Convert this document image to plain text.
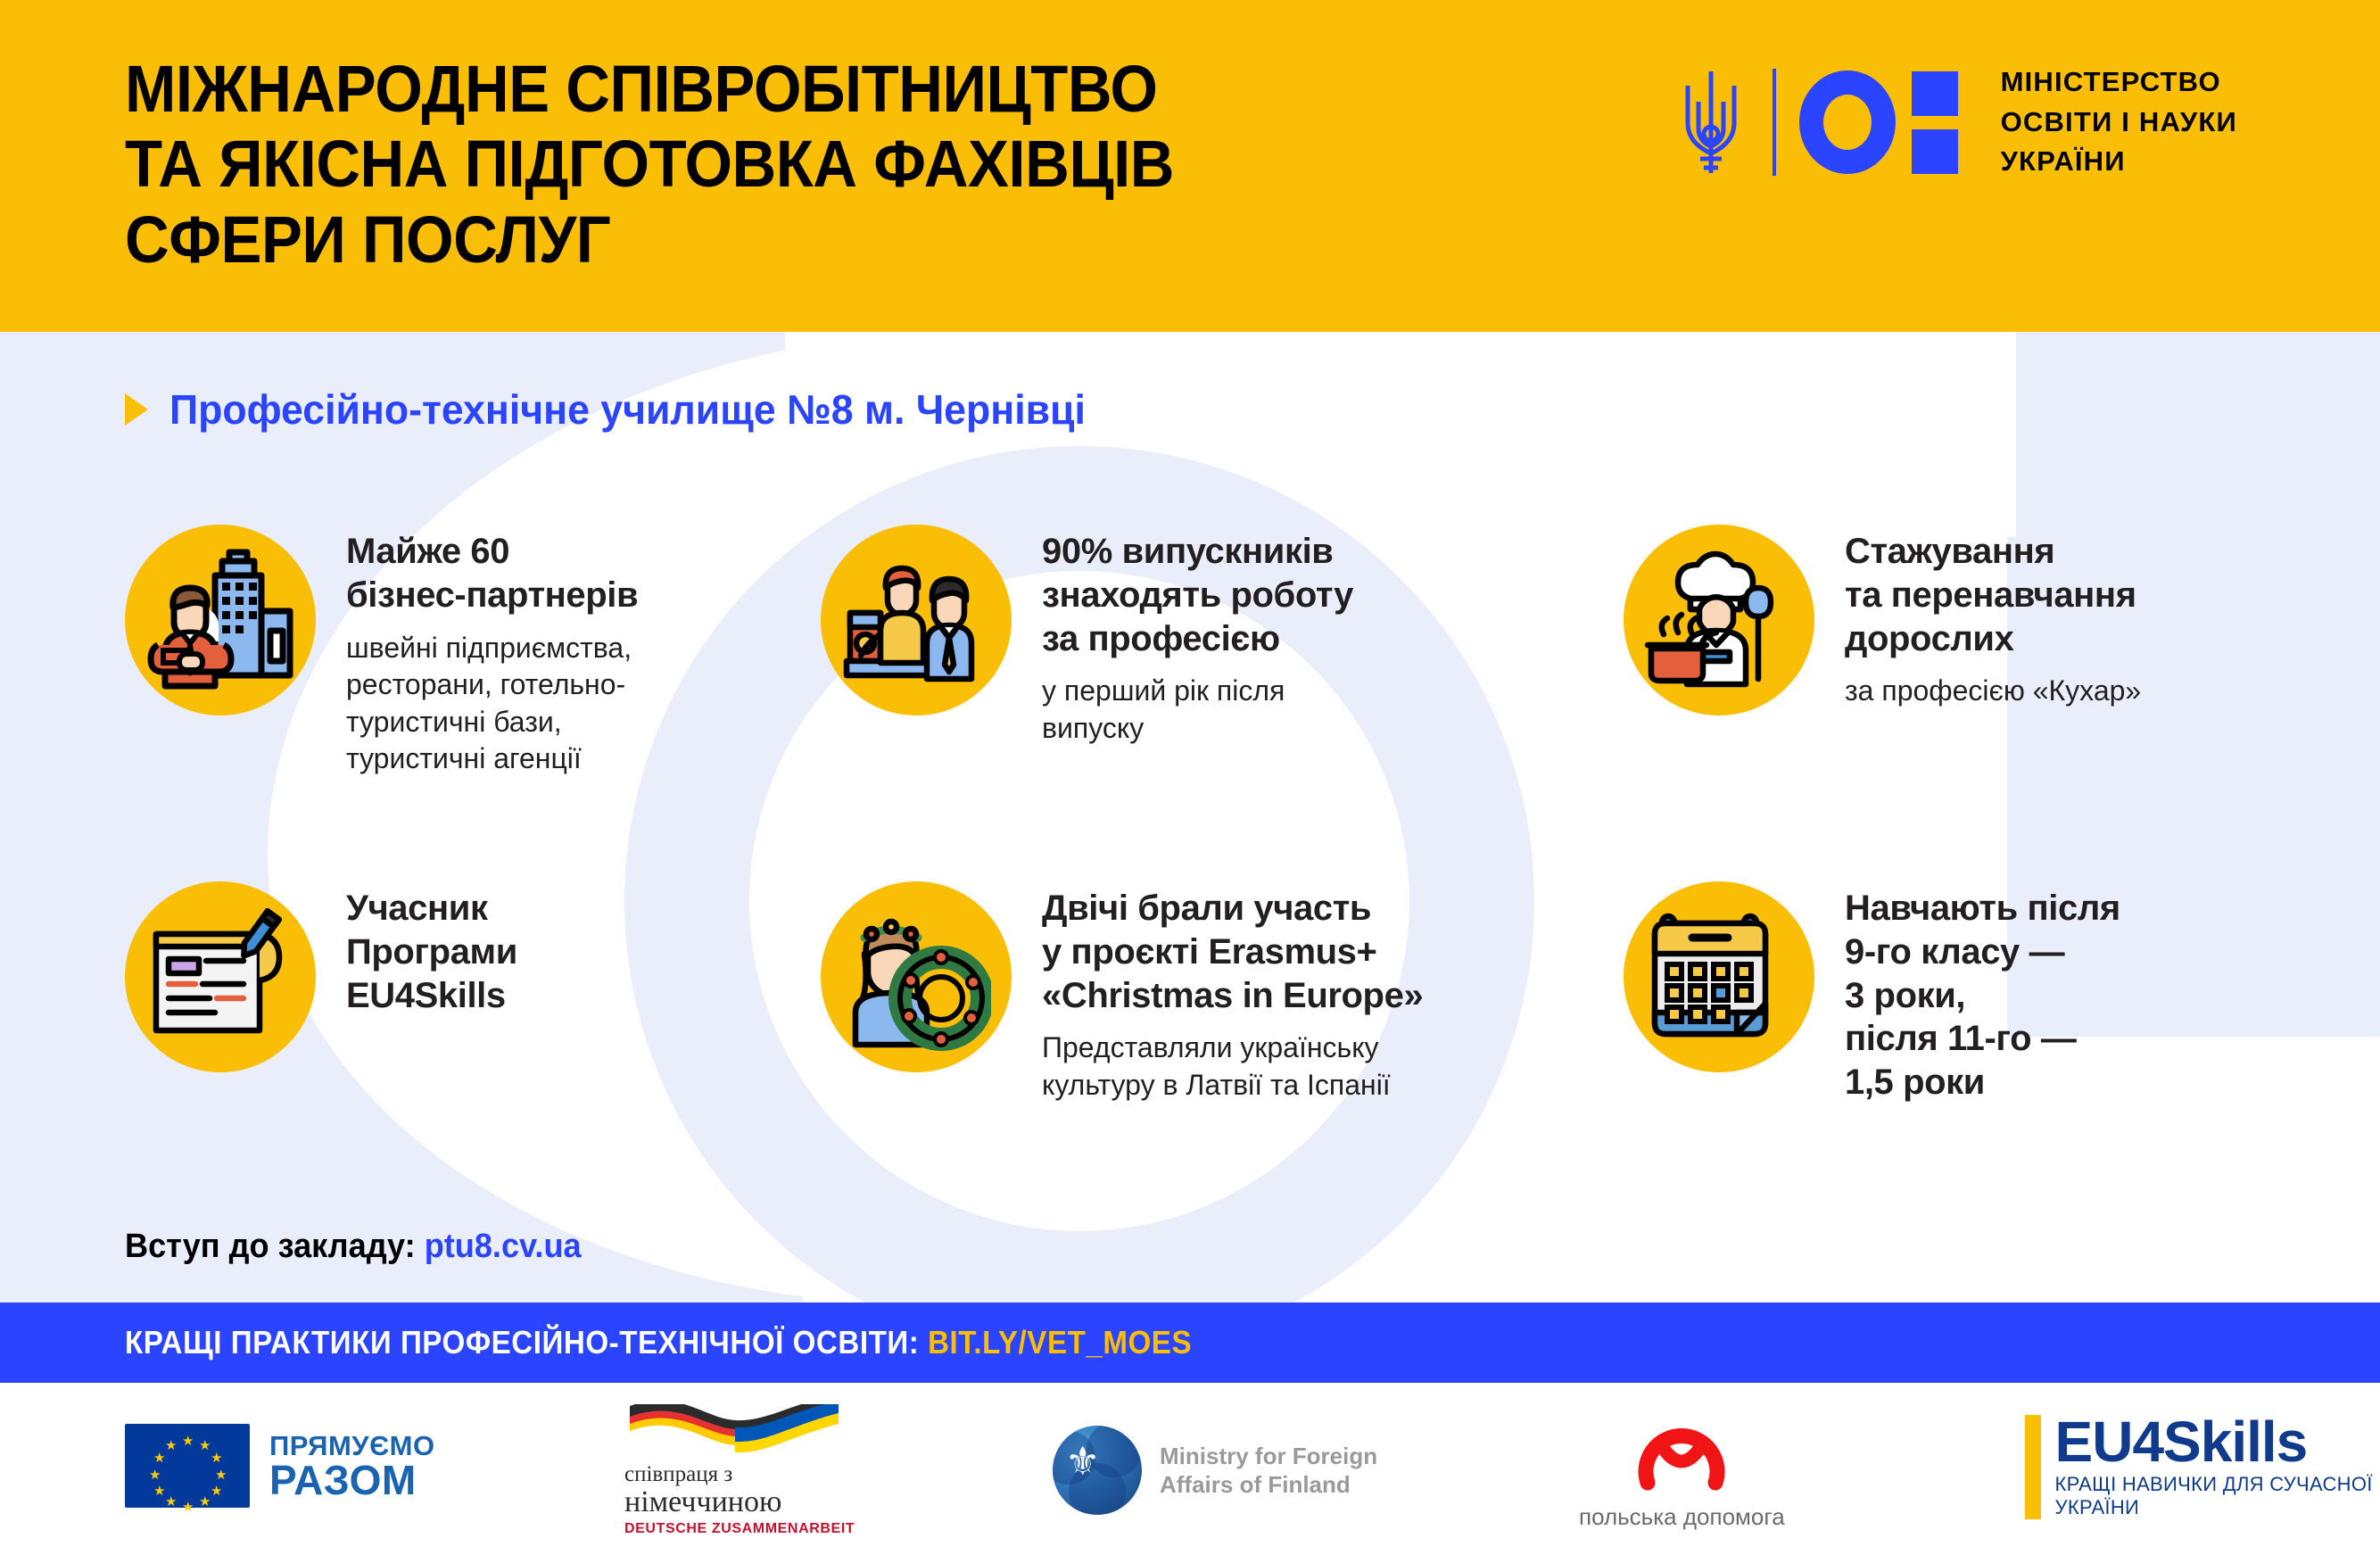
МІЖНАРОДНЕ СПІВРОБІТНИЦТВО
ТА ЯКІСНА ПІДГОТОВКА ФАХІВЦІВ
СФЕРИ ПОСЛУГ
МІНІСТЕРСТВО
ОСВІТИ І НАУКИ
УКРАЇНИ
Професійно-технічне училище №8 м. Чернівці
Майже 60
бізнес-партнерів
швейні підприємства,
ресторани, готельно-
туристичні бази,
туристичні агенції
90% випускників
знаходять роботу
за професією
у перший рік після
випуску
Стажування
та перенавчання
дорослих
за професією «Кухар»
Учасник
Програми
EU4Skills
Двічі брали участь
у проєкті Erasmus+
«Christmas in Europe»
Представляли українську
культуру в Латвії та Іспанії
Навчають після
9-го класу —
3 роки,
після 11-го —
1,5 роки
Вступ до закладу: ptu8.cv.ua
КРАЩІ ПРАКТИКИ ПРОФЕСІЙНО-ТЕХНІЧНОЇ ОСВІТИ: BIT.LY/VET_MOES
★ ★
★
★
★
★
★
★
★
★
★
★	ПРЯМУЄМО
РАЗОМ	співпраця з
німеччиною
DEUTSCHE ZUSAMMENARBEIT
⚜	Ministry for Foreign
Affairs of Finland
польська допомога
EU4Skills
КРАЩІ НАВИЧКИ ДЛЯ СУЧАСНОЇ УКРАЇНИ
